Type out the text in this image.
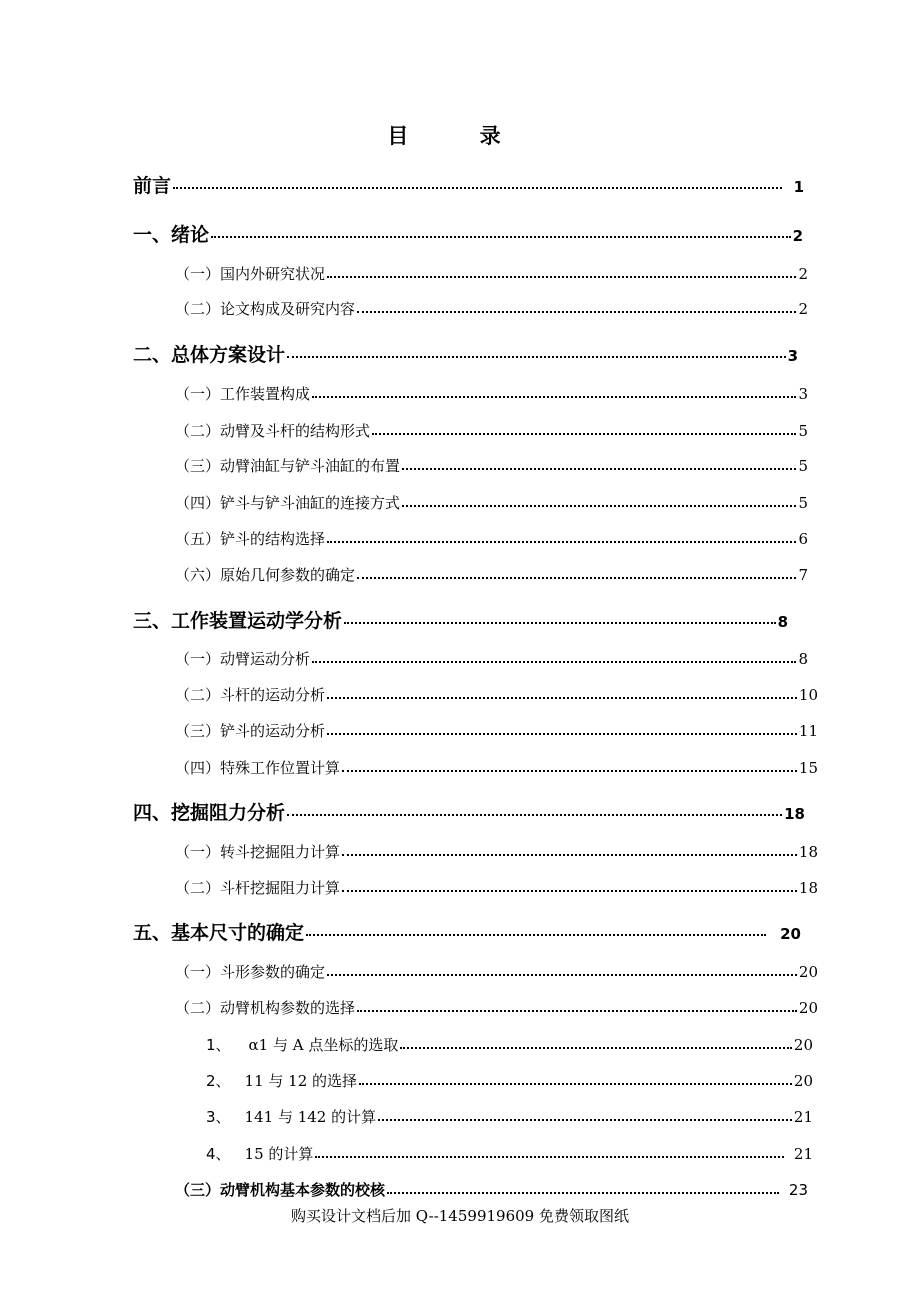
目 录
前言	1
一、绪论	2
（一）国内外研究状况	2
（二）论文构成及研究内容	2
二、总体方案设计	3
（一）工作装置构成	3
（二）动臂及斗杆的结构形式	5
（三）动臂油缸与铲斗油缸的布置	5
（四）铲斗与铲斗油缸的连接方式	5
（五）铲斗的结构选择	6
（六）原始几何参数的确定	7
三、工作装置运动学分析	8
（一）动臂运动分析	8
（二）斗杆的运动分析	10
（三）铲斗的运动分析	11
（四）特殊工作位置计算	15
四、挖掘阻力分析	18
（一）转斗挖掘阻力计算	18
（二）斗杆挖掘阻力计算	18
五、基本尺寸的确定	20
（一）斗形参数的确定	20
（二）动臂机构参数的选择	20
1、 α1 与 A 点坐标的选取	20
2、 11 与 12 的选择	20
3、 141 与 142 的计算	21
4、 15 的计算	21
（三）动臂机构基本参数的校核	23
购买设计文档后加 Q--1459919609 免费领取图纸
